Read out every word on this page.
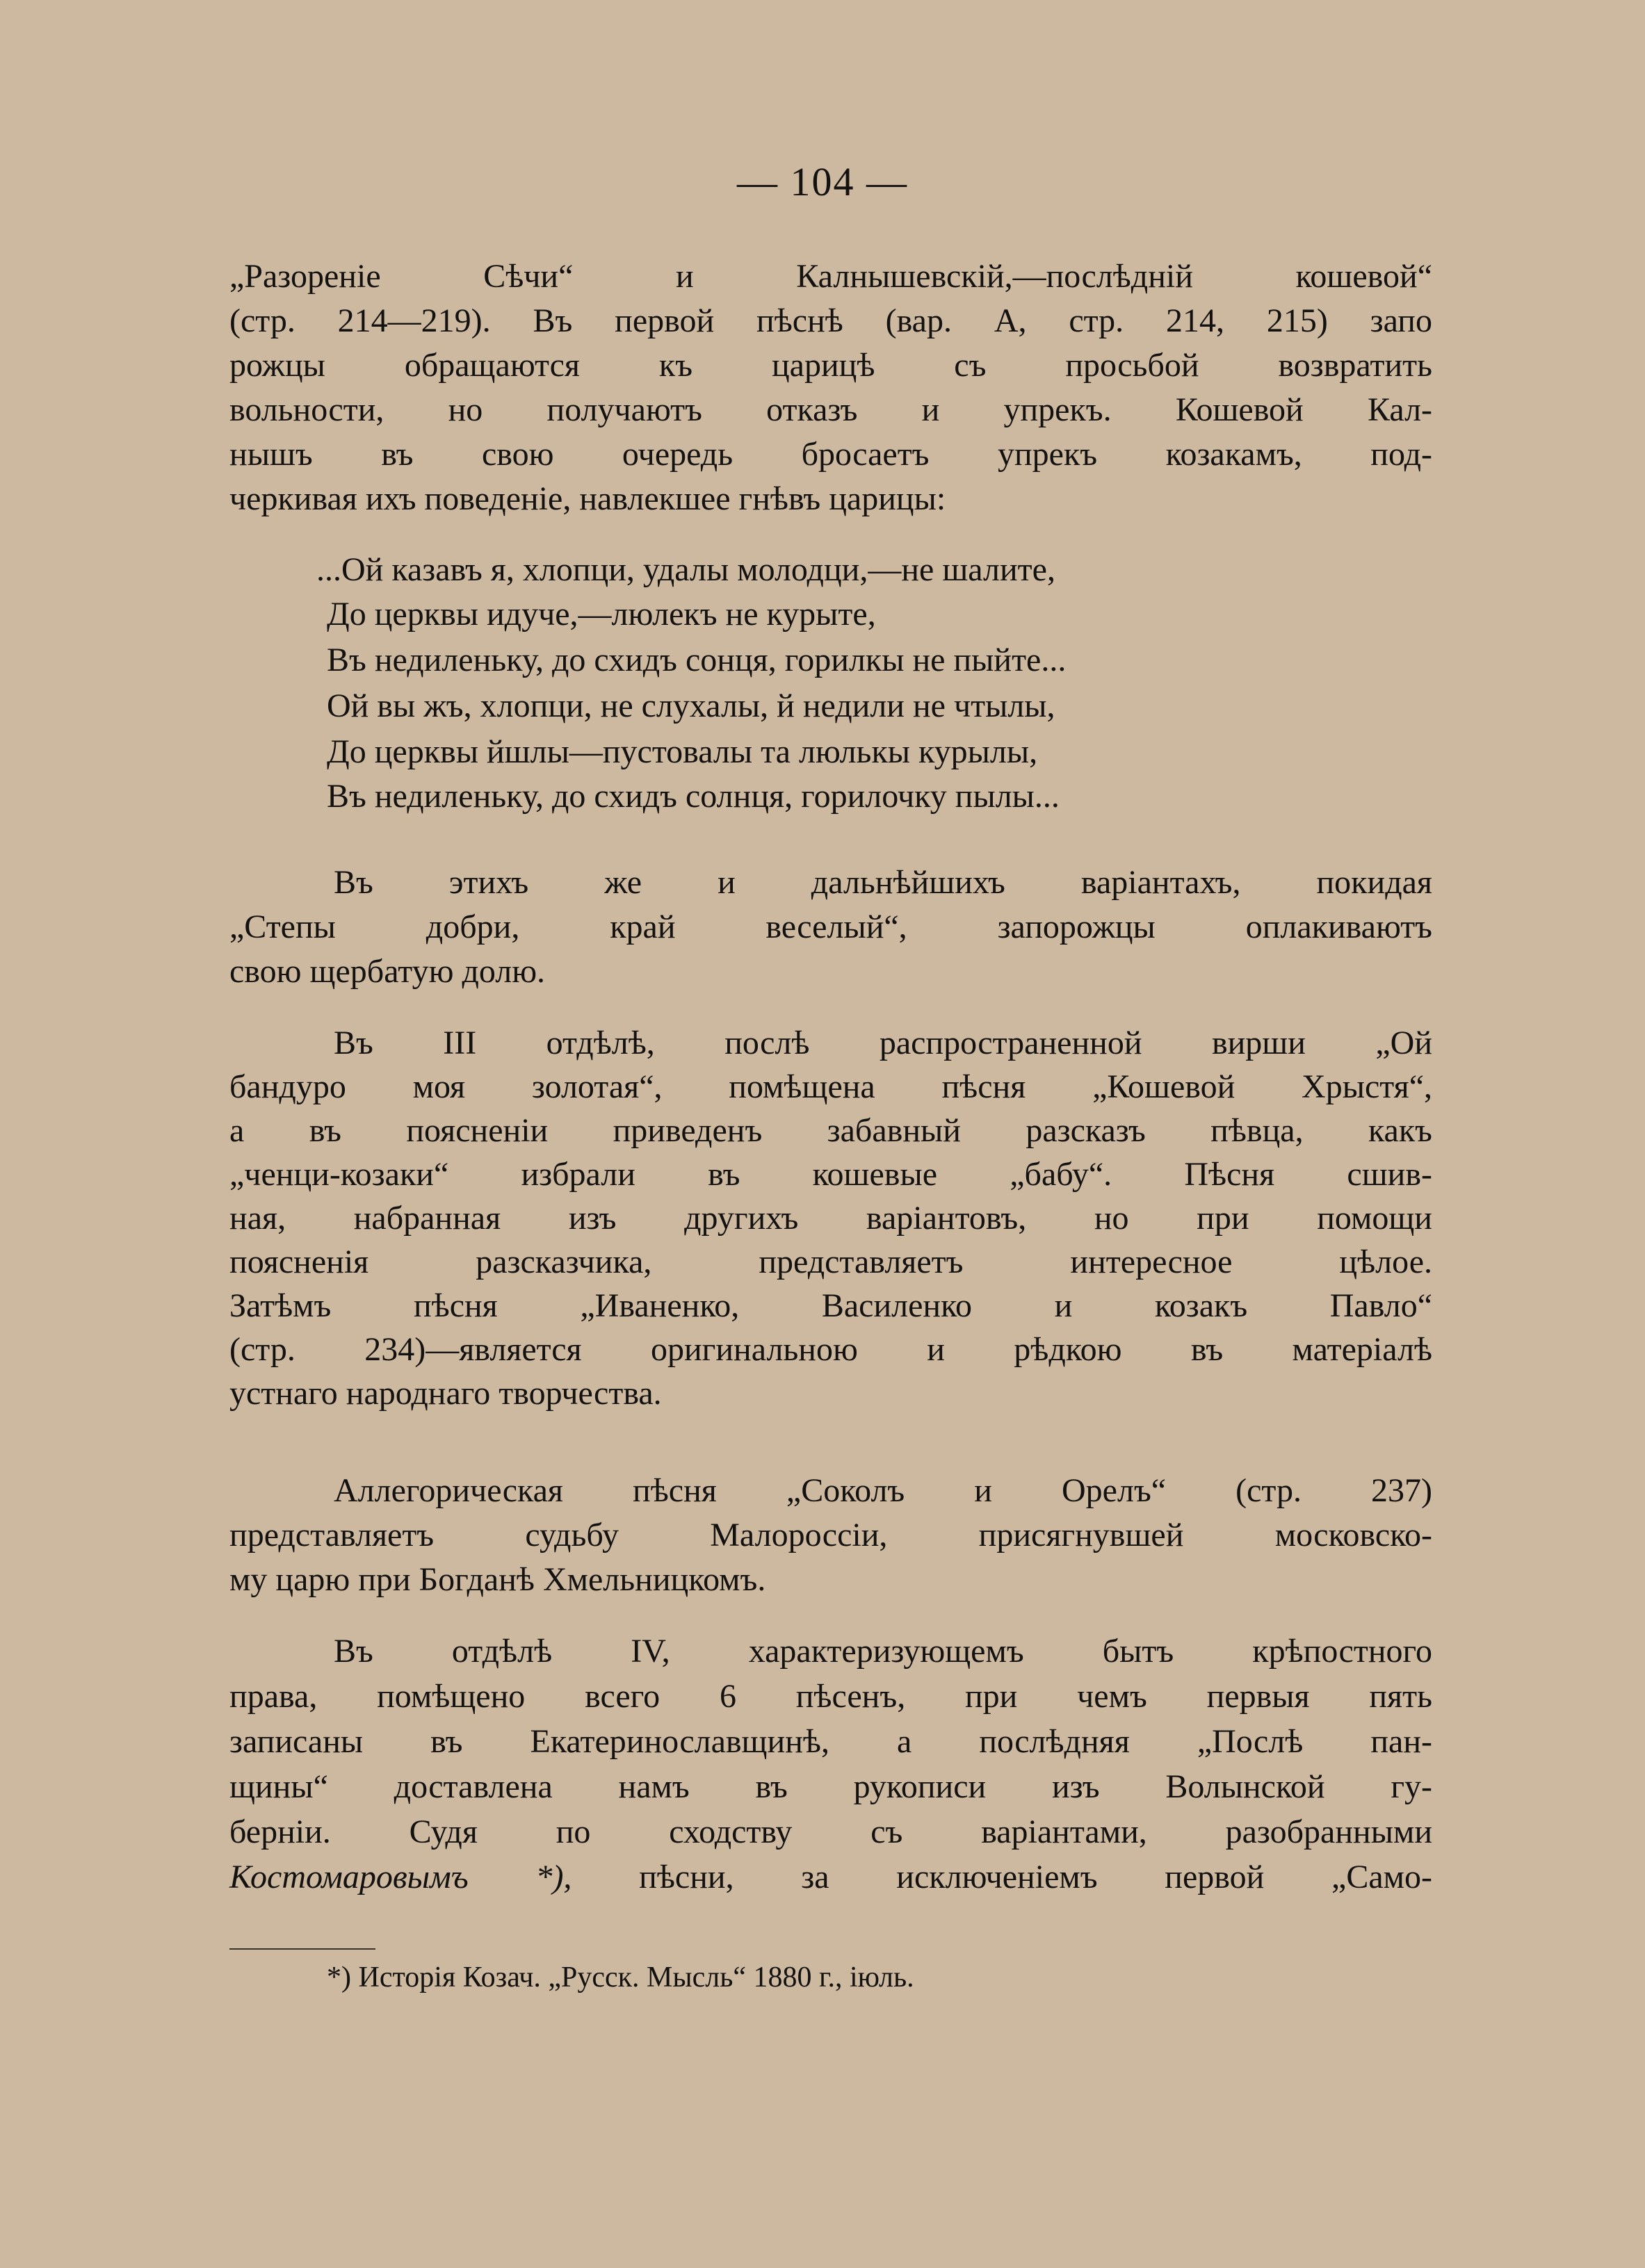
— 104 —
„Разореніе Сѣчи“ и Калнышевскій,—послѣдній кошевой“
(стр. 214—219). Въ первой пѣснѣ (вар. А, стр. 214, 215) запо
рожцы обращаются къ царицѣ съ просьбой возвратить
вольности, но получаютъ отказъ и упрекъ. Кошевой Кал-
нышъ въ свою очередь бросаетъ упрекъ козакамъ, под-
черкивая ихъ поведеніе, навлекшее гнѣвъ царицы:
...Ой казавъ я, хлопци, удалы молодци,—не шалите,
До церквы идуче,—люлекъ не курыте,
Въ недиленьку, до схидъ сонця, горилкы не пыйте...
Ой вы жъ, хлопци, не слухалы, й недили не чтылы,
До церквы йшлы—пустовалы та люлькы курылы,
Въ недиленьку, до схидъ солнця, горилочку пылы...
Въ этихъ же и дальнѣйшихъ варіантахъ, покидая
„Степы добри, край веселый“, запорожцы оплакиваютъ
свою щербатую долю.
Въ III отдѣлѣ, послѣ распространенной вирши „Ой
бандуро моя золотая“, помѣщена пѣсня „Кошевой Хрыстя“,
а въ поясненіи приведенъ забавный разсказъ пѣвца, какъ
„ченци-козаки“ избрали въ кошевые „бабу“. Пѣсня сшив-
ная, набранная изъ другихъ варіантовъ, но при помощи
поясненія разсказчика, представляетъ интересное цѣлое.
Затѣмъ пѣсня „Иваненко, Василенко и козакъ Павло“
(стр. 234)—является оригинальною и рѣдкою въ матеріалѣ
устнаго народнаго творчества.
Аллегорическая пѣсня „Соколъ и Орелъ“ (стр. 237)
представляетъ судьбу Малороссіи, присягнувшей московско-
му царю при Богданѣ Хмельницкомъ.
Въ отдѣлѣ IV, характеризующемъ бытъ крѣпостного
права, помѣщено всего 6 пѣсенъ, при чемъ первыя пять
записаны въ Екатеринославщинѣ, а послѣдняя „Послѣ пан-
щины“ доставлена намъ въ рукописи изъ Волынской гу-
берніи. Судя по сходству съ варіантами, разобранными
Костомаровымъ *), пѣсни, за исключеніемъ первой „Само-
*) Исторія Козач. „Русск. Мысль“ 1880 г., іюль.
